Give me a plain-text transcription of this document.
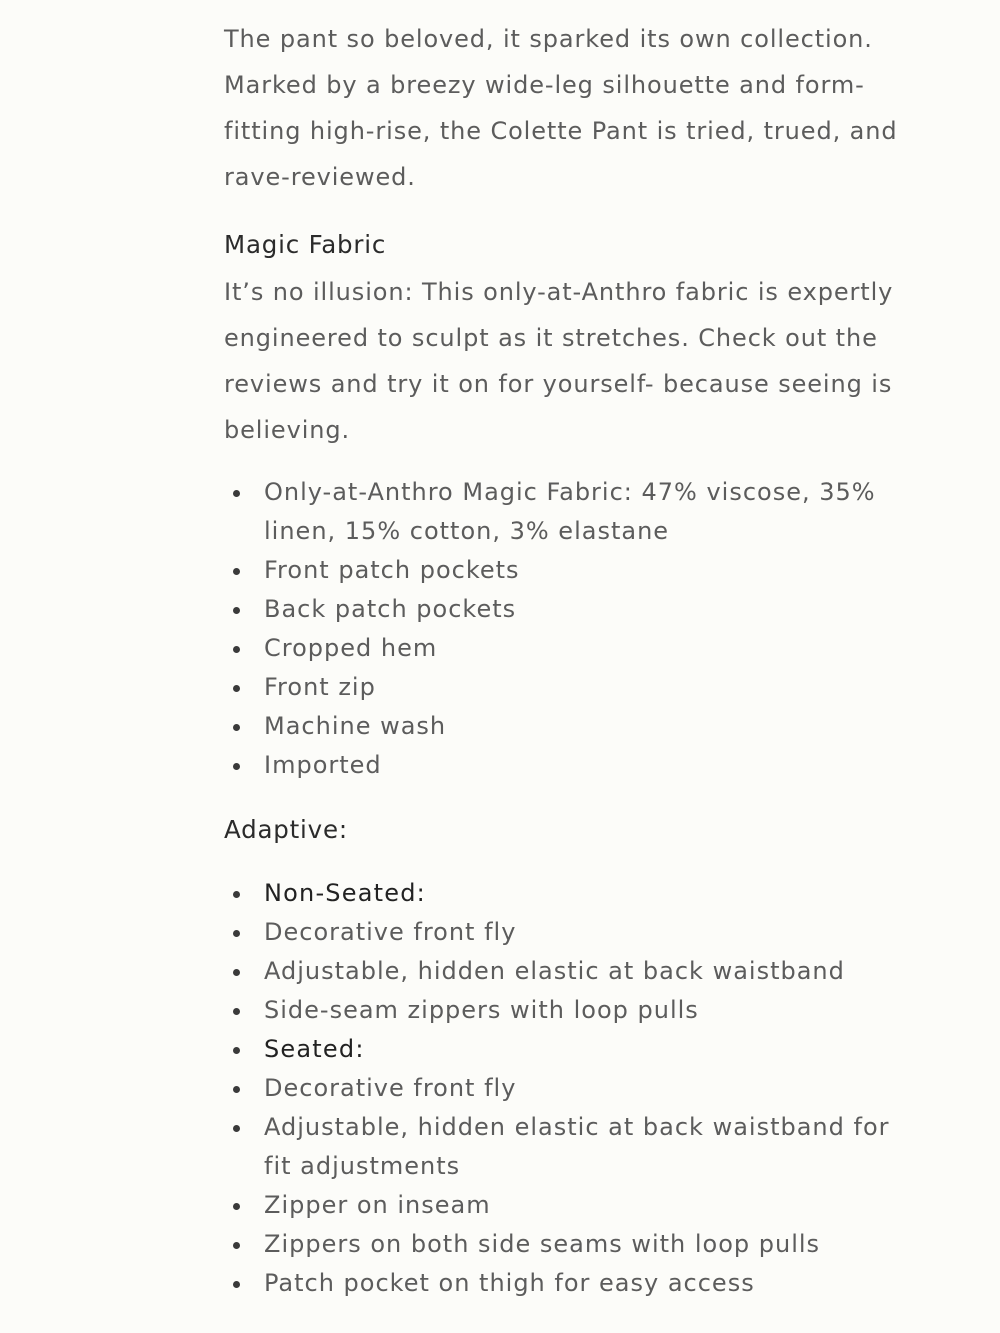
The pant so beloved, it sparked its own collection. Marked by a breezy wide-leg silhouette and form-fitting high-rise, the Colette Pant is tried, trued, and rave-reviewed.

Magic Fabric

It’s no illusion: This only-at-Anthro fabric is expertly engineered to sculpt as it stretches. Check out the reviews and try it on for yourself- because seeing is believing.

Only-at-Anthro Magic Fabric: 47% viscose, 35% linen, 15% cotton, 3% elastane
Front patch pockets
Back patch pockets
Cropped hem
Front zip
Machine wash
Imported
Adaptive:
Non-Seated:
Decorative front fly
Adjustable, hidden elastic at back waistband
Side-seam zippers with loop pulls
Seated:
Decorative front fly
Adjustable, hidden elastic at back waistband for fit adjustments
Zipper on inseam
Zippers on both side seams with loop pulls
Patch pocket on thigh for easy access
